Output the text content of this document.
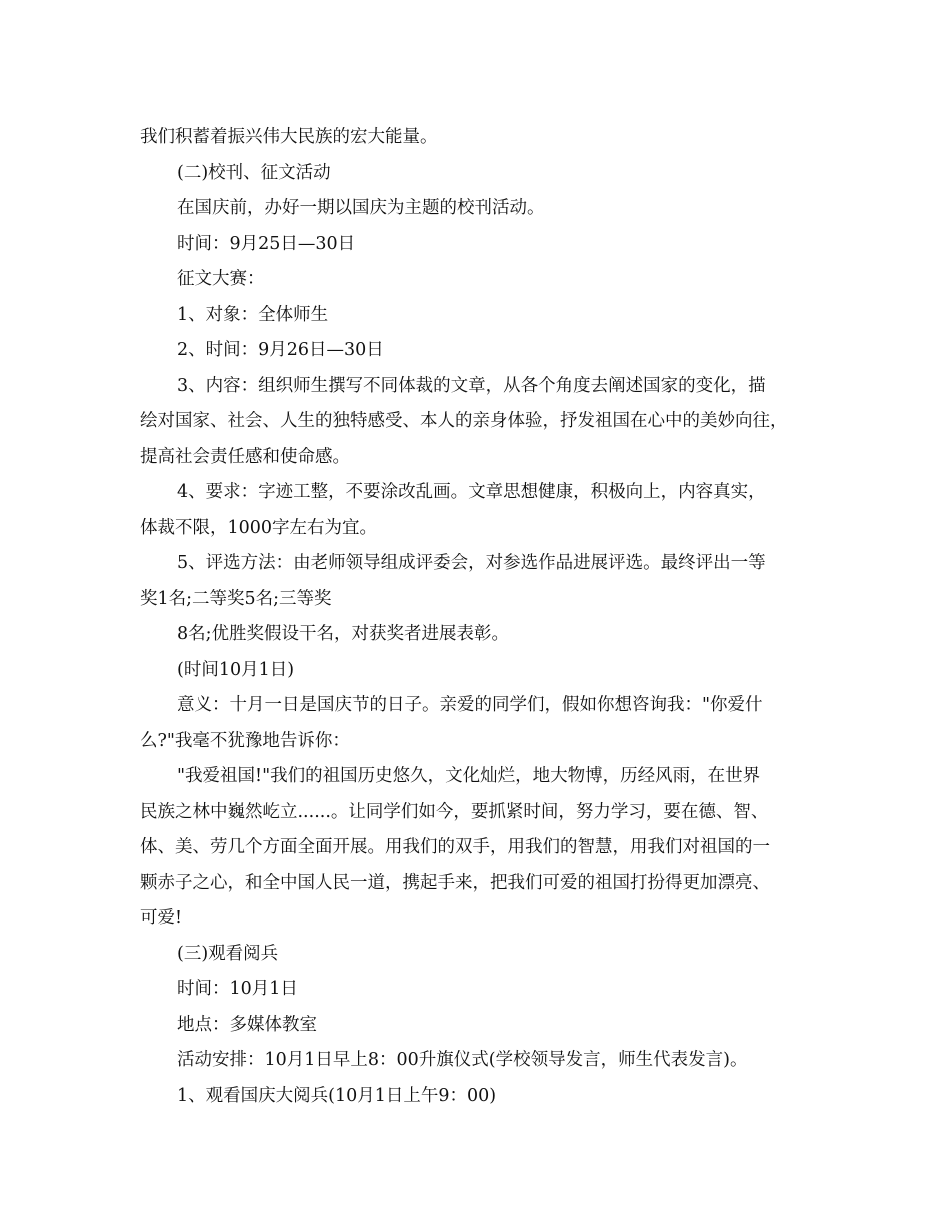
我们积蓄着振兴伟大民族的宏大能量。
(二)校刊、征文活动
在国庆前，办好一期以国庆为主题的校刊活动。
时间：9月25日—30日
征文大赛：
1、对象：全体师生
2、时间：9月26日—30日
3、内容：组织师生撰写不同体裁的文章，从各个角度去阐述国家的变化，描
绘对国家、社会、人生的独特感受、本人的亲身体验，抒发祖国在心中的美妙向往，
提高社会责任感和使命感。
4、要求：字迹工整，不要涂改乱画。文章思想健康，积极向上，内容真实，
体裁不限，1000字左右为宜。
5、评选方法：由老师领导组成评委会，对参选作品进展评选。最终评出一等
奖1名;二等奖5名;三等奖
8名;优胜奖假设干名，对获奖者进展表彰。
(时间10月1日)
意义：十月一日是国庆节的日子。亲爱的同学们，假如你想咨询我："你爱什
么?"我毫不犹豫地告诉你：
"我爱祖国!"我们的祖国历史悠久，文化灿烂，地大物博，历经风雨，在世界
民族之林中巍然屹立......。让同学们如今，要抓紧时间，努力学习，要在德、智、
体、美、劳几个方面全面开展。用我们的双手，用我们的智慧，用我们对祖国的一
颗赤子之心，和全中国人民一道，携起手来，把我们可爱的祖国打扮得更加漂亮、
可爱!
(三)观看阅兵
时间：10月1日
地点：多媒体教室
活动安排：10月1日早上8：00升旗仪式(学校领导发言，师生代表发言)。
1、观看国庆大阅兵(10月1日上午9：00)
